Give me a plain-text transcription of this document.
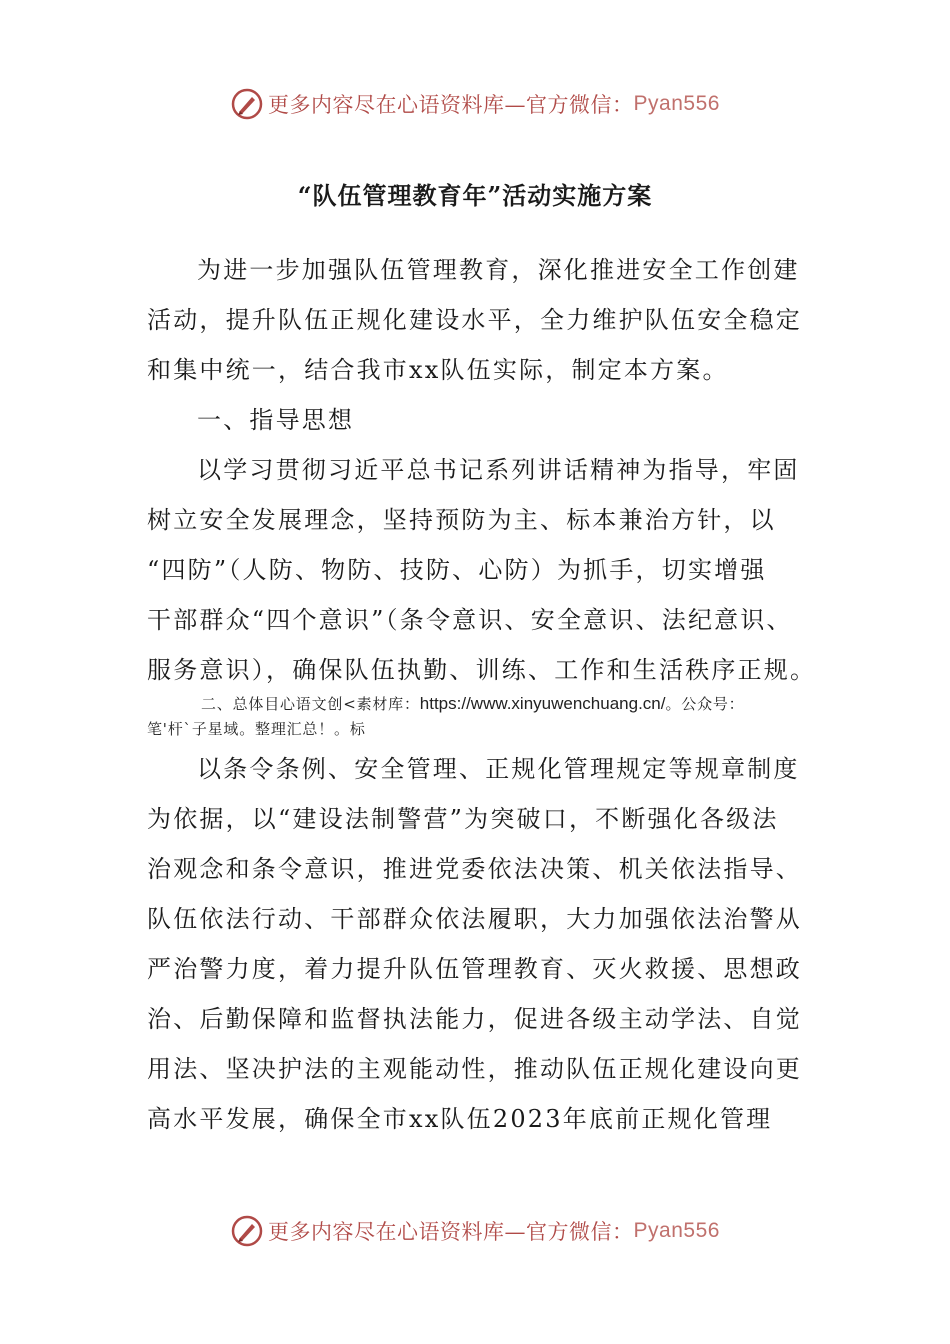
更多内容尽在心语资料库—官方微信： Pyan556
“队伍管理教育年”活动实施方案
为进一步加强队伍管理教育，深化推进安全工作创建
活动，提升队伍正规化建设水平，全力维护队伍安全稳定
和集中统一，结合我市xx队伍实际，制定本方案。
一、指导思想
以学习贯彻习近平总书记系列讲话精神为指导，牢固
树立安全发展理念，坚持预防为主、标本兼治方针，以
“四防”（人防、物防、技防、心防）为抓手，切实增强
干部群众“四个意识”（条令意识、安全意识、法纪意识、
服务意识），确保队伍执勤、训练、工作和生活秩序正规。
二、总体目心语文创<素材库：https://www.xinyuwenchuang.cn/。公众号：
笔'杆`子星域。整理汇总！。标
以条令条例、安全管理、正规化管理规定等规章制度
为依据，以“建设法制警营”为突破口，不断强化各级法
治观念和条令意识，推进党委依法决策、机关依法指导、
队伍依法行动、干部群众依法履职，大力加强依法治警从
严治警力度，着力提升队伍管理教育、灭火救援、思想政
治、后勤保障和监督执法能力，促进各级主动学法、自觉
用法、坚决护法的主观能动性，推动队伍正规化建设向更
高水平发展，确保全市xx队伍2023年底前正规化管理
更多内容尽在心语资料库—官方微信： Pyan556
